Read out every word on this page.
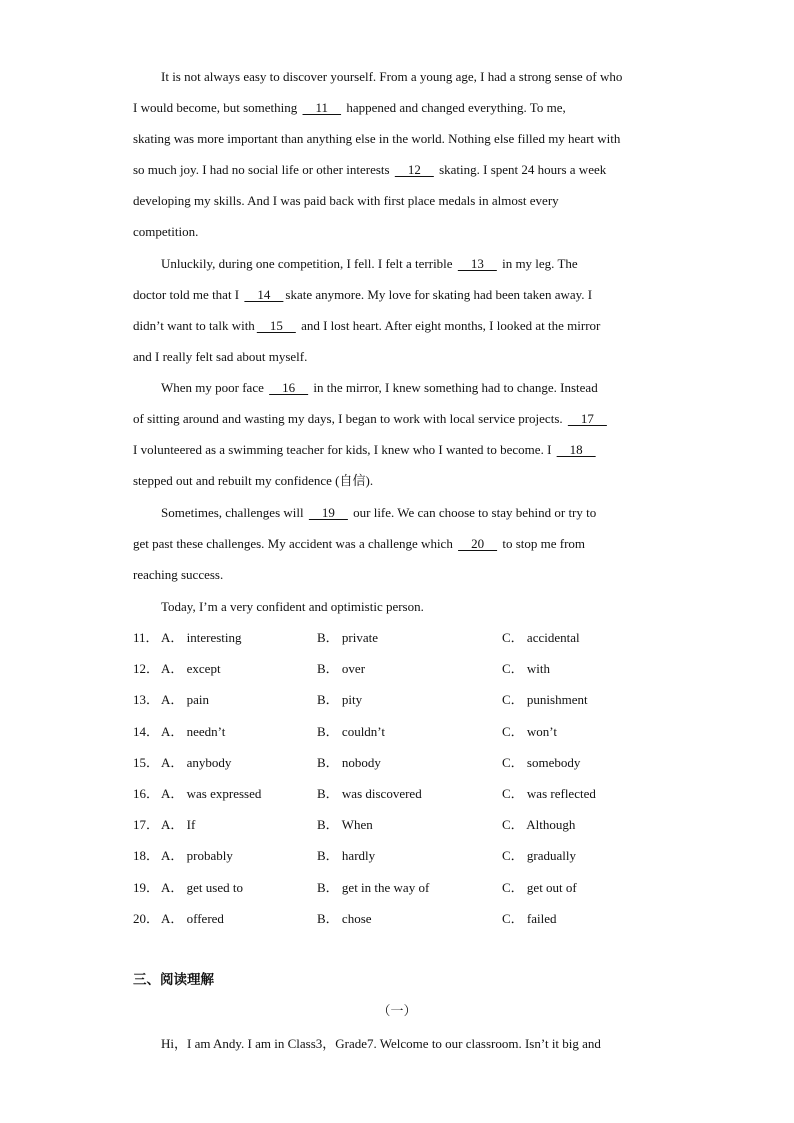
It is not always easy to discover yourself. From a young age, I had a strong sense of who
I would become, but something     11     happened and changed everything. To me,
skating was more important than anything else in the world. Nothing else filled my heart with
so much joy. I had no social life or other interests     12     skating. I spent 24 hours a week
developing my skills. And I was paid back with first place medals in almost every
competition.
Unluckily, during one competition, I fell. I felt a terrible     13     in my leg. The
doctor told me that I     14    skate anymore. My love for skating had been taken away. I
didn’t want to talk with    15     and I lost heart. After eight months, I looked at the mirror
and I really felt sad about myself.
When my poor face     16     in the mirror, I knew something had to change. Instead
of sitting around and wasting my days, I began to work with local service projects.     17
I volunteered as a swimming teacher for kids, I knew who I wanted to become. I     18
stepped out and rebuilt my confidence (自信).
Sometimes, challenges will     19     our life. We can choose to stay behind or try to
get past these challenges. My accident was a challenge which     20     to stop me from
reaching success.
Today, I’m a very confident and optimistic person.
11． A． interesting	B． private	C． accidental
12． A． except	B． over	C． with
13． A． pain	B． pity	C． punishment
14． A． needn’t	B． couldn’t	C． won’t
15． A． anybody	B． nobody	C． somebody
16． A． was expressed	B． was discovered	C． was reflected
17． A． If	B． When	C． Although
18． A． probably	B． hardly	C． gradually
19． A． get used to	B． get in the way of	C． get out of
20． A． offered	B． chose	C． failed
三、阅读理解
（一）
Hi，I am Andy. I am in Class3，Grade7. Welcome to our classroom. Isn’t it big and
